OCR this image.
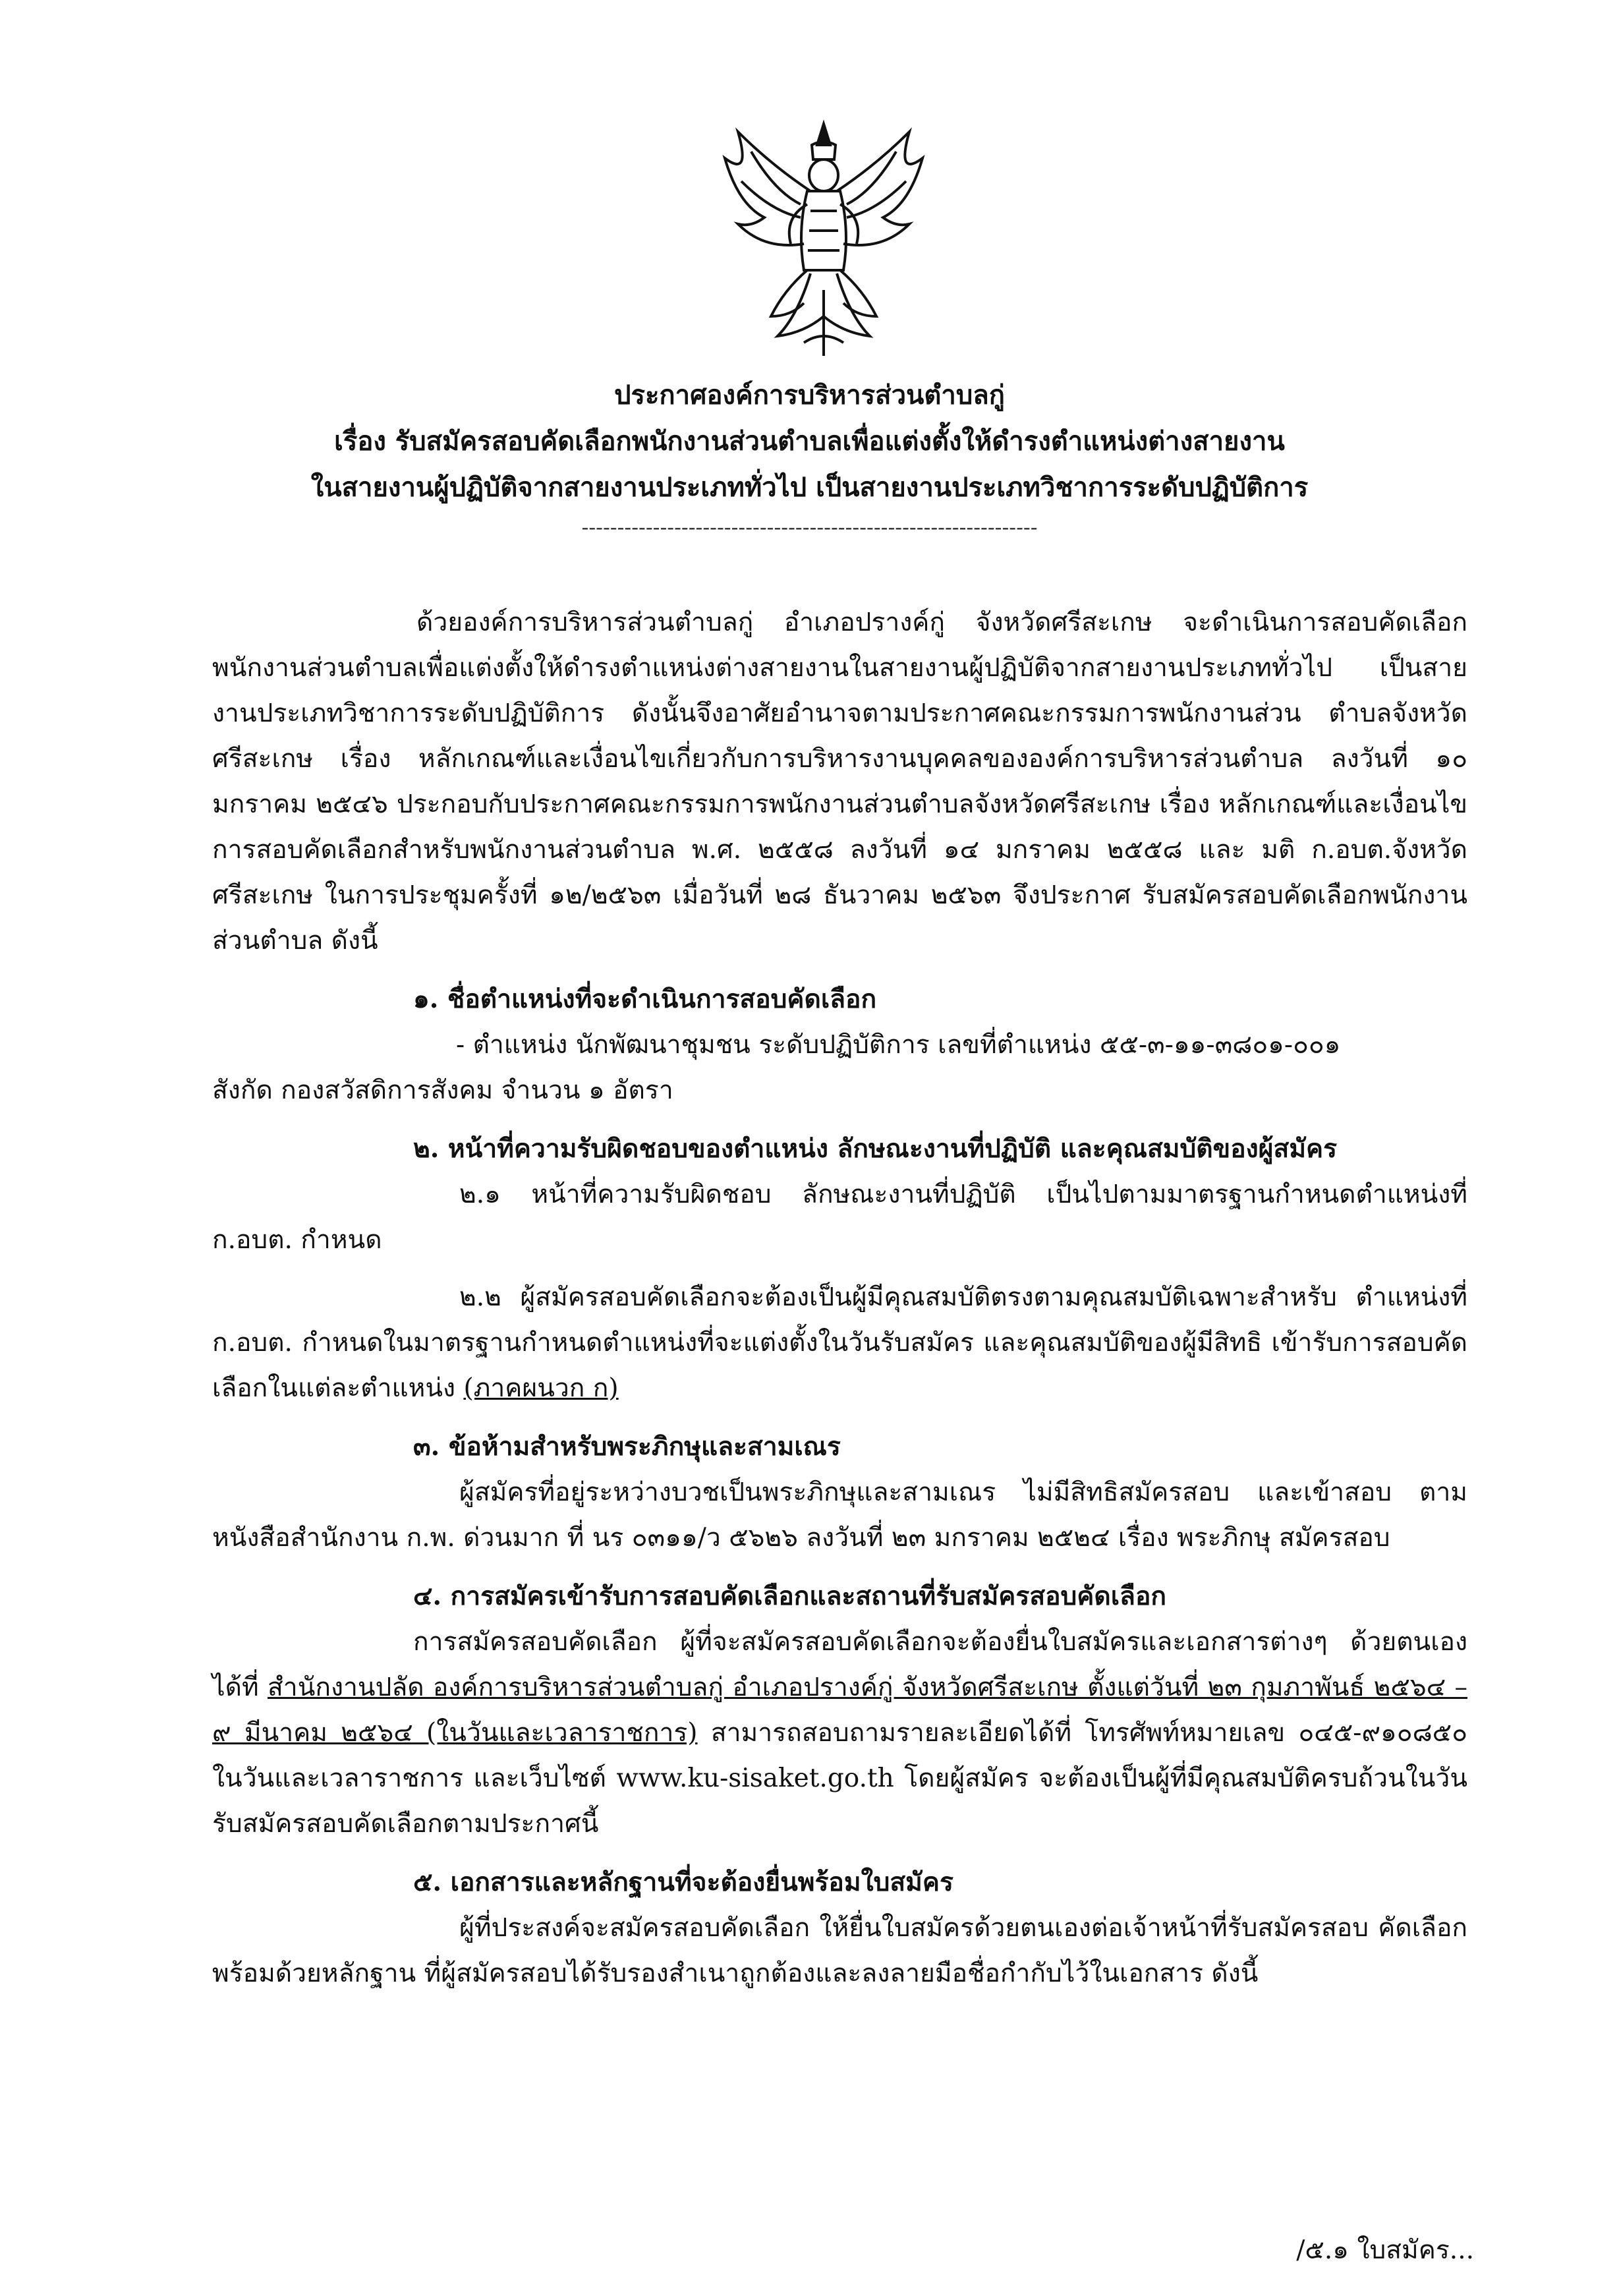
ประกาศองค์การบริหารส่วนตำบลกู่
เรื่อง รับสมัครสอบคัดเลือกพนักงานส่วนตำบลเพื่อแต่งตั้งให้ดำรงตำแหน่งต่างสายงาน
ในสายงานผู้ปฏิบัติจากสายงานประเภททั่วไป เป็นสายงานประเภทวิชาการระดับปฏิบัติการ
----------------------------------------------------------------

ด้วยองค์การบริหารส่วนตำบลกู่ อำเภอปรางค์กู่ จังหวัดศรีสะเกษ จะดำเนินการสอบคัดเลือก พนักงานส่วนตำบลเพื่อแต่งตั้งให้ดำรงตำแหน่งต่างสายงานในสายงานผู้ปฏิบัติจากสายงานประเภททั่วไป เป็นสายงานประเภทวิชาการระดับปฏิบัติการ ดังนั้นจึงอาศัยอำนาจตามประกาศคณะกรรมการพนักงานส่วน ตำบลจังหวัดศรีสะเกษ เรื่อง หลักเกณฑ์และเงื่อนไขเกี่ยวกับการบริหารงานบุคคลขององค์การบริหารส่วนตำบล ลงวันที่ ๑๐ มกราคม ๒๕๔๖ ประกอบกับประกาศคณะกรรมการพนักงานส่วนตำบลจังหวัดศรีสะเกษ เรื่อง หลักเกณฑ์และเงื่อนไขการสอบคัดเลือกสำหรับพนักงานส่วนตำบล พ.ศ. ๒๕๕๘ ลงวันที่ ๑๔ มกราคม ๒๕๕๘ และ มติ ก.อบต.จังหวัดศรีสะเกษ ในการประชุมครั้งที่ ๑๒/๒๕๖๓ เมื่อวันที่ ๒๘ ธันวาคม ๒๕๖๓ จึงประกาศ รับสมัครสอบคัดเลือกพนักงานส่วนตำบล ดังนี้

๑. ชื่อตำแหน่งที่จะดำเนินการสอบคัดเลือก

- ตำแหน่ง นักพัฒนาชุมชน ระดับปฏิบัติการ เลขที่ตำแหน่ง ๕๕-๓-๑๑-๓๘๐๑-๐๐๑

สังกัด กองสวัสดิการสังคม จำนวน ๑ อัตรา

๒. หน้าที่ความรับผิดชอบของตำแหน่ง ลักษณะงานที่ปฏิบัติ และคุณสมบัติของผู้สมัคร

๒.๑ หน้าที่ความรับผิดชอบ ลักษณะงานที่ปฏิบัติ เป็นไปตามมาตรฐานกำหนดตำแหน่งที่ ก.อบต. กำหนด

๒.๒ ผู้สมัครสอบคัดเลือกจะต้องเป็นผู้มีคุณสมบัติตรงตามคุณสมบัติเฉพาะสำหรับ ตำแหน่งที่ ก.อบต. กำหนดในมาตรฐานกำหนดตำแหน่งที่จะแต่งตั้งในวันรับสมัคร และคุณสมบัติของผู้มีสิทธิ เข้ารับการสอบคัดเลือกในแต่ละตำแหน่ง (ภาคผนวก ก)

๓. ข้อห้ามสำหรับพระภิกษุและสามเณร

ผู้สมัครที่อยู่ระหว่างบวชเป็นพระภิกษุและสามเณร ไม่มีสิทธิสมัครสอบ และเข้าสอบ ตามหนังสือสำนักงาน ก.พ. ด่วนมาก ที่ นร ๐๓๑๑/ว ๕๖๒๖ ลงวันที่ ๒๓ มกราคม ๒๕๒๔ เรื่อง พระภิกษุ สมัครสอบ

๔. การสมัครเข้ารับการสอบคัดเลือกและสถานที่รับสมัครสอบคัดเลือก

การสมัครสอบคัดเลือก ผู้ที่จะสมัครสอบคัดเลือกจะต้องยื่นใบสมัครและเอกสารต่างๆ ด้วยตนเองได้ที่ สำนักงานปลัด องค์การบริหารส่วนตำบลกู่ อำเภอปรางค์กู่ จังหวัดศรีสะเกษ ตั้งแต่วันที่ ๒๓ กุมภาพันธ์ ๒๕๖๔ – ๙ มีนาคม ๒๕๖๔ (ในวันและเวลาราชการ) สามารถสอบถามรายละเอียดได้ที่ โทรศัพท์หมายเลข ๐๔๕-๙๑๐๘๕๐ ในวันและเวลาราชการ และเว็บไซต์ www.ku-sisaket.go.th โดยผู้สมัคร จะต้องเป็นผู้ที่มีคุณสมบัติครบถ้วนในวันรับสมัครสอบคัดเลือกตามประกาศนี้

๕. เอกสารและหลักฐานที่จะต้องยื่นพร้อมใบสมัคร

ผู้ที่ประสงค์จะสมัครสอบคัดเลือก ให้ยื่นใบสมัครด้วยตนเองต่อเจ้าหน้าที่รับสมัครสอบ คัดเลือก พร้อมด้วยหลักฐาน ที่ผู้สมัครสอบได้รับรองสำเนาถูกต้องและลงลายมือชื่อกำกับไว้ในเอกสาร ดังนี้

/๕.๑ ใบสมัคร...
